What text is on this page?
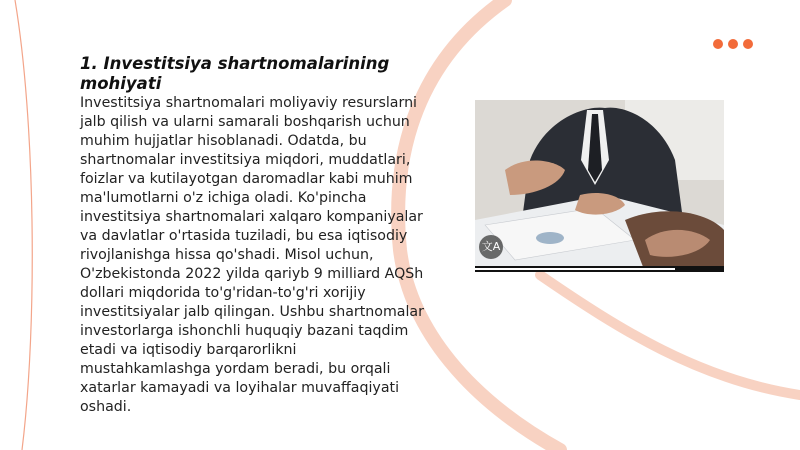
1. Investitsiya shartnomalarining mohiyati

Investitsiya shartnomalari moliyaviy resurslarni jalb qilish va ularni samarali boshqarish uchun muhim hujjatlar hisoblanadi. Odatda, bu shartnomalar investitsiya miqdori, muddatlari, foizlar va kutilayotgan daromadlar kabi muhim ma'lumotlarni o'z ichiga oladi. Ko'pincha investitsiya shartnomalari xalqaro kompaniyalar va davlatlar o'rtasida tuziladi, bu esa iqtisodiy rivojlanishga hissa qo'shadi. Misol uchun, O'zbekistonda 2022 yilda qariyb 9 milliard AQSh dollari miqdorida to'g'ridan-to'g'ri xorijiy investitsiyalar jalb qilingan. Ushbu shartnomalar investorlarga ishonchli huquqiy bazani taqdim etadi va iqtisodiy barqarorlikni mustahkamlashga yordam beradi, bu orqali xatarlar kamayadi va loyihalar muvaffaqiyati oshadi.

文A
